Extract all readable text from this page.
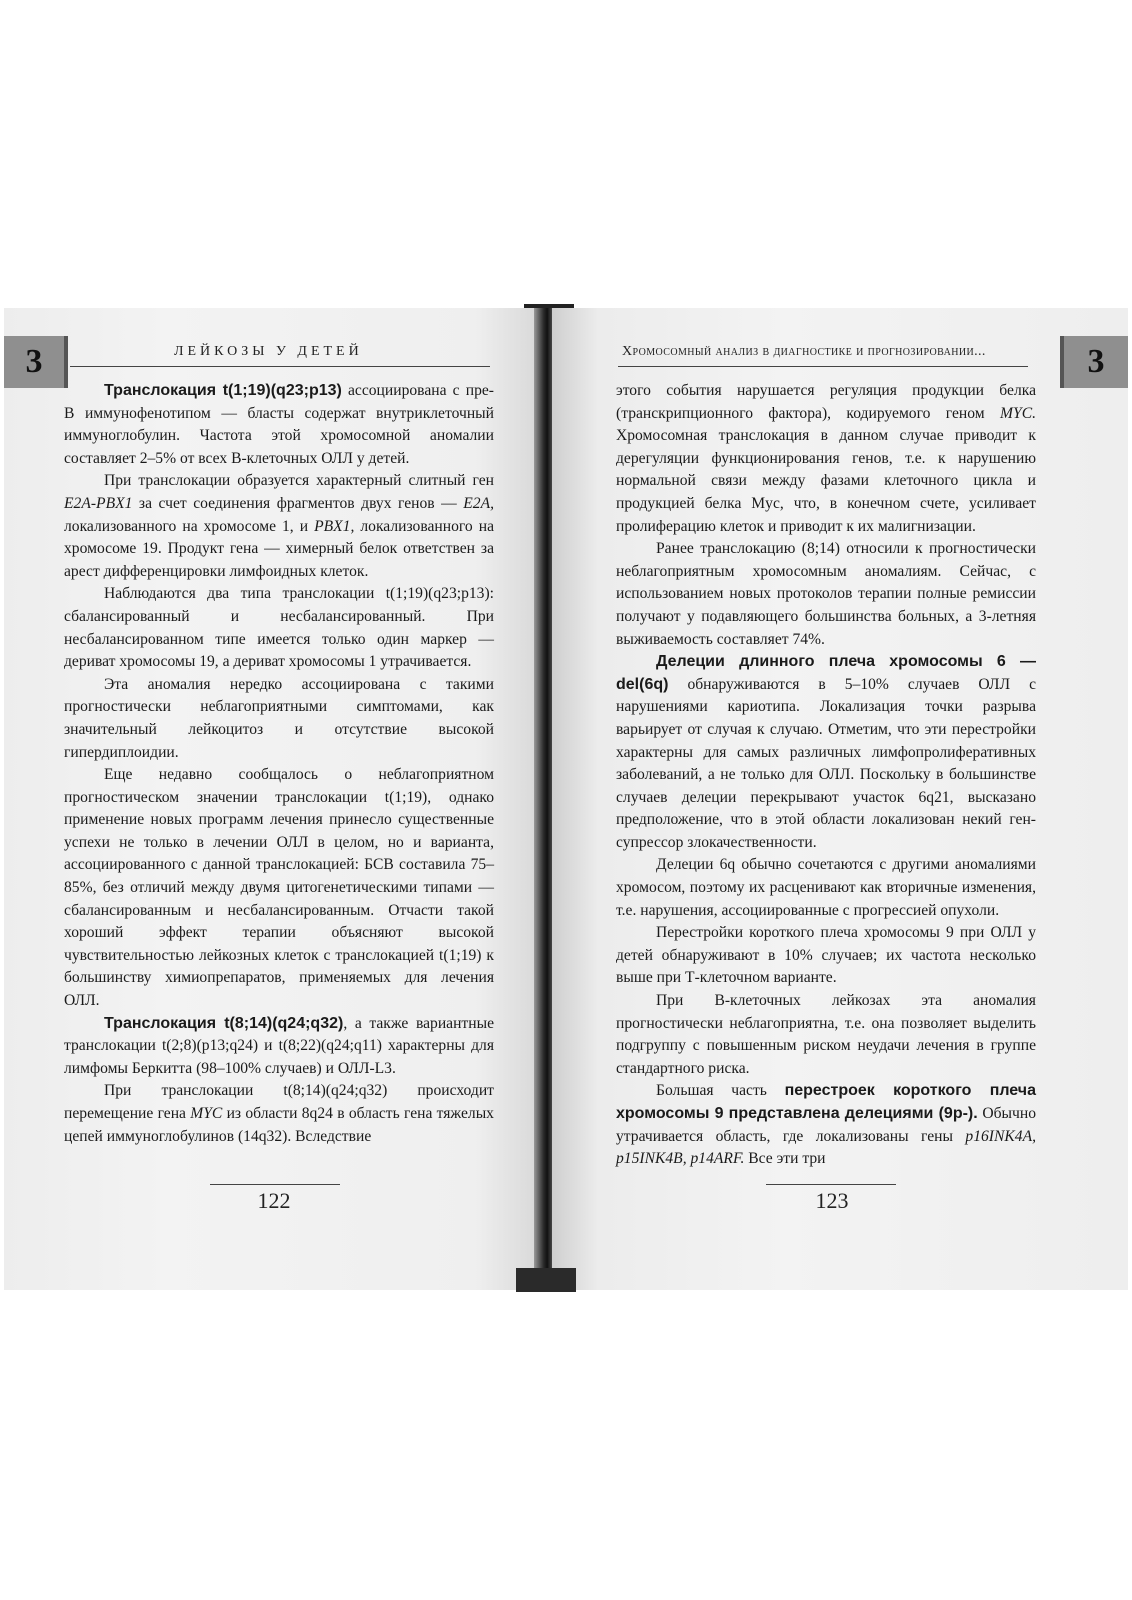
3	ЛЕЙКОЗЫ У ДЕТЕЙ

Транслокация t(1;19)(q23;p13) ассоциирована с пре-В иммунофенотипом — бласты содержат внутриклеточный иммуноглобулин. Частота этой хромосомной аномалии составляет 2–5% от всех В-клеточных ОЛЛ у детей.

При транслокации образуется характерный слитный ген E2A-PBX1 за счет соединения фрагментов двух генов — E2A, локализованного на хромосоме 1, и PBX1, локализованного на хромосоме 19. Продукт гена — химерный белок ответствен за арест дифференцировки лимфоидных клеток.

Наблюдаются два типа транслокации t(1;19)(q23;p13): сбалансированный и несбалансированный. При несбалансированном типе имеется только один маркер — дериват хромосомы 19, а дериват хромосомы 1 утрачивается.

Эта аномалия нередко ассоциирована с такими прогностически неблагоприятными симптомами, как значительный лейкоцитоз и отсутствие высокой гипердиплоидии.

Еще недавно сообщалось о неблагоприятном прогностическом значении транслокации t(1;19), однако применение новых программ лечения принесло существенные успехи не только в лечении ОЛЛ в целом, но и варианта, ассоциированного с данной транслокацией: БСВ составила 75–85%, без отличий между двумя цитогенетическими типами — сбалансированным и несбалансированным. Отчасти такой хороший эффект терапии объясняют высокой чувствительностью лейкозных клеток с транслокацией t(1;19) к большинству химиопрепаратов, применяемых для лечения ОЛЛ.

Транслокация t(8;14)(q24;q32), а также вариантные транслокации t(2;8)(p13;q24) и t(8;22)(q24;q11) характерны для лимфомы Беркитта (98–100% случаев) и ОЛЛ-L3.

При транслокации t(8;14)(q24;q32) происходит перемещение гена MYC из области 8q24 в область гена тяжелых цепей иммуноглобулинов (14q32). Вследствие

122
3
Хромосомный анализ в диагностике и прогнозировании...

этого события нарушается регуляция продукции белка (транскрипционного фактора), кодируемого геном MYC. Хромосомная транслокация в данном случае приводит к дерегуляции функционирования генов, т.е. к нарушению нормальной связи между фазами клеточного цикла и продукцией белка Myc, что, в конечном счете, усиливает пролиферацию клеток и приводит к их малигнизации.

Ранее транслокацию (8;14) относили к прогностически неблагоприятным хромосомным аномалиям. Сейчас, с использованием новых протоколов терапии полные ремиссии получают у подавляющего большинства больных, а 3-летняя выживаемость составляет 74%.

Делеции длинного плеча хромосомы 6 — del(6q) обнаруживаются в 5–10% случаев ОЛЛ с нарушениями кариотипа. Локализация точки разрыва варьирует от случая к случаю. Отметим, что эти перестройки характерны для самых различных лимфопролиферативных заболеваний, а не только для ОЛЛ. Поскольку в большинстве случаев делеции перекрывают участок 6q21, высказано предположение, что в этой области локализован некий ген-супрессор злокачественности.

Делеции 6q обычно сочетаются с другими аномалиями хромосом, поэтому их расценивают как вторичные изменения, т.е. нарушения, ассоциированные с прогрессией опухоли.

Перестройки короткого плеча хромосомы 9 при ОЛЛ у детей обнаруживают в 10% случаев; их частота несколько выше при Т-клеточном варианте.

При В-клеточных лейкозах эта аномалия прогностически неблагоприятна, т.е. она позволяет выделить подгруппу с повышенным риском неудачи лечения в группе стандартного риска.

Большая часть перестроек короткого плеча хромосомы 9 представлена делециями (9p-). Обычно утрачивается область, где локализованы гены p16INK4A, p15INK4B, p14ARF. Все эти три

123
